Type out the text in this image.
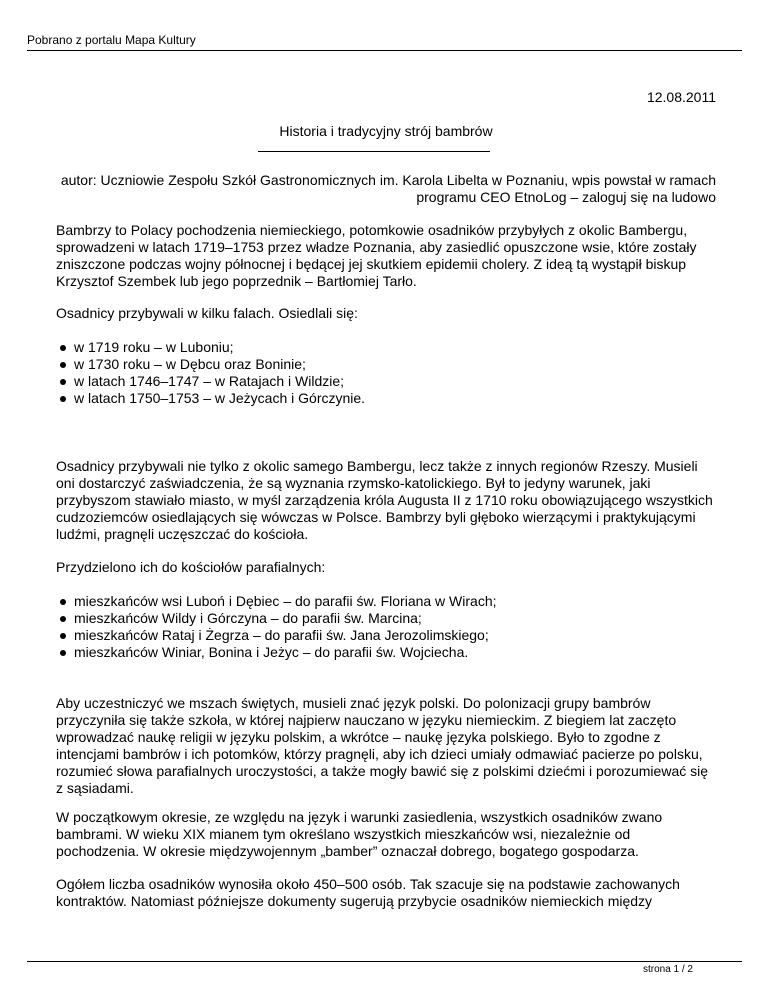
Pobrano z portalu Mapa Kultury
12.08.2011
Historia i tradycyjny strój bambrów
autor: Uczniowie Zespołu Szkół Gastronomicznych im. Karola Libelta w Poznaniu, wpis powstał w ramach programu CEO EtnoLog – zaloguj się na ludowo

Bambrzy to Polacy pochodzenia niemieckiego, potomkowie osadników przybyłych z okolic Bambergu, sprowadzeni w latach 1719–1753 przez władze Poznania, aby zasiedlić opuszczone wsie, które zostały zniszczone podczas wojny północnej i będącej jej skutkiem epidemii cholery. Z ideą tą wystąpił biskup Krzysztof Szembek lub jego poprzednik – Bartłomiej Tarło.

Osadnicy przybywali w kilku falach. Osiedlali się:

w 1719 roku – w Luboniu;
w 1730 roku – w Dębcu oraz Boninie;
w latach 1746–1747 – w Ratajach i Wildzie;
w latach 1750–1753 – w Jeżycach i Górczynie.

Osadnicy przybywali nie tylko z okolic samego Bambergu, lecz także z innych regionów Rzeszy. Musieli oni dostarczyć zaświadczenia, że są wyznania rzymsko-katolickiego. Był to jedyny warunek, jaki przybyszom stawiało miasto, w myśl zarządzenia króla Augusta II z 1710 roku obowiązującego wszystkich cudzoziemców osiedlających się wówczas w Polsce. Bambrzy byli głęboko wierzącymi i praktykującymi ludźmi, pragnęli uczęszczać do kościoła.

Przydzielono ich do kościołów parafialnych:

mieszkańców wsi Luboń i Dębiec – do parafii św. Floriana w Wirach;
mieszkańców Wildy i Górczyna – do parafii św. Marcina;
mieszkańców Rataj i Żegrza – do parafii św. Jana Jerozolimskiego;
mieszkańców Winiar, Bonina i Jeżyc – do parafii św. Wojciecha.

Aby uczestniczyć we mszach świętych, musieli znać język polski. Do polonizacji grupy bambrów przyczyniła się także szkoła, w której najpierw nauczano w języku niemieckim. Z biegiem lat zaczęto wprowadzać naukę religii w języku polskim, a wkrótce – naukę języka polskiego. Było to zgodne z intencjami bambrów i ich potomków, którzy pragnęli, aby ich dzieci umiały odmawiać pacierze po polsku, rozumieć słowa parafialnych uroczystości, a także mogły bawić się z polskimi dziećmi i porozumiewać się z sąsiadami.

W początkowym okresie, ze względu na język i warunki zasiedlenia, wszystkich osadników zwano bambrami. W wieku XIX mianem tym określano wszystkich mieszkańców wsi, niezależnie od pochodzenia. W okresie międzywojennym „bamber” oznaczał dobrego, bogatego gospodarza.

Ogółem liczba osadników wynosiła około 450–500 osób. Tak szacuje się na podstawie zachowanych kontraktów. Natomiast późniejsze dokumenty sugerują przybycie osadników niemieckich między

strona 1 / 2
